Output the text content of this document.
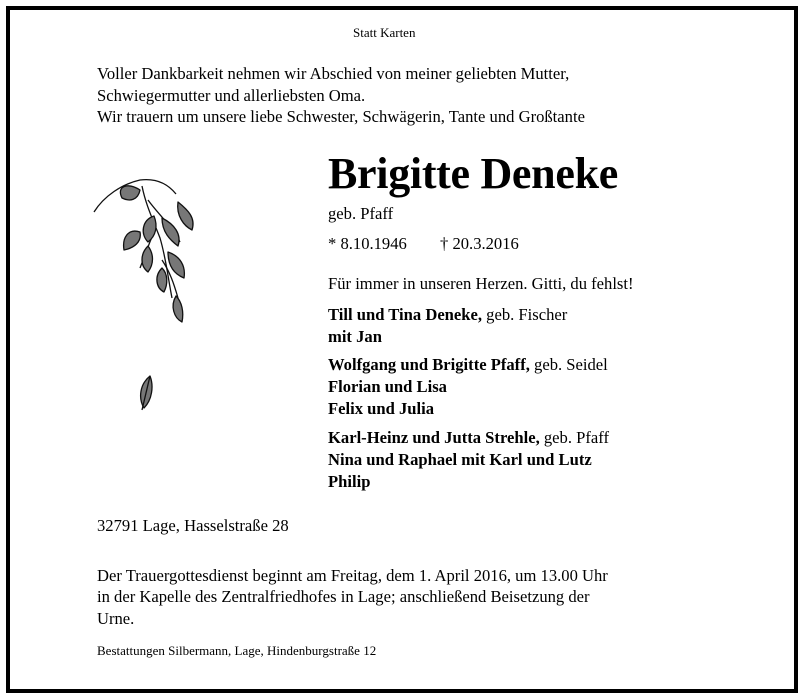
Statt Karten
Voller Dankbarkeit nehmen wir Abschied von meiner geliebten Mutter,
Schwiegermutter und allerliebsten Oma.
Wir trauern um unsere liebe Schwester, Schwägerin, Tante und Großtante
Brigitte Deneke
geb. Pfaff
* 8.10.1946 † 20.3.2016
Für immer in unseren Herzen. Gitti, du fehlst!
Till und Tina Deneke, geb. Fischer
mit Jan
Wolfgang und Brigitte Pfaff, geb. Seidel
Florian und Lisa
Felix und Julia
Karl-Heinz und Jutta Strehle, geb. Pfaff
Nina und Raphael mit Karl und Lutz
Philip
32791 Lage, Hasselstraße 28
Der Trauergottesdienst beginnt am Freitag, dem 1. April 2016, um 13.00 Uhr
in der Kapelle des Zentralfriedhofes in Lage; anschließend Beisetzung der
Urne.
Bestattungen Silbermann, Lage, Hindenburgstraße 12
